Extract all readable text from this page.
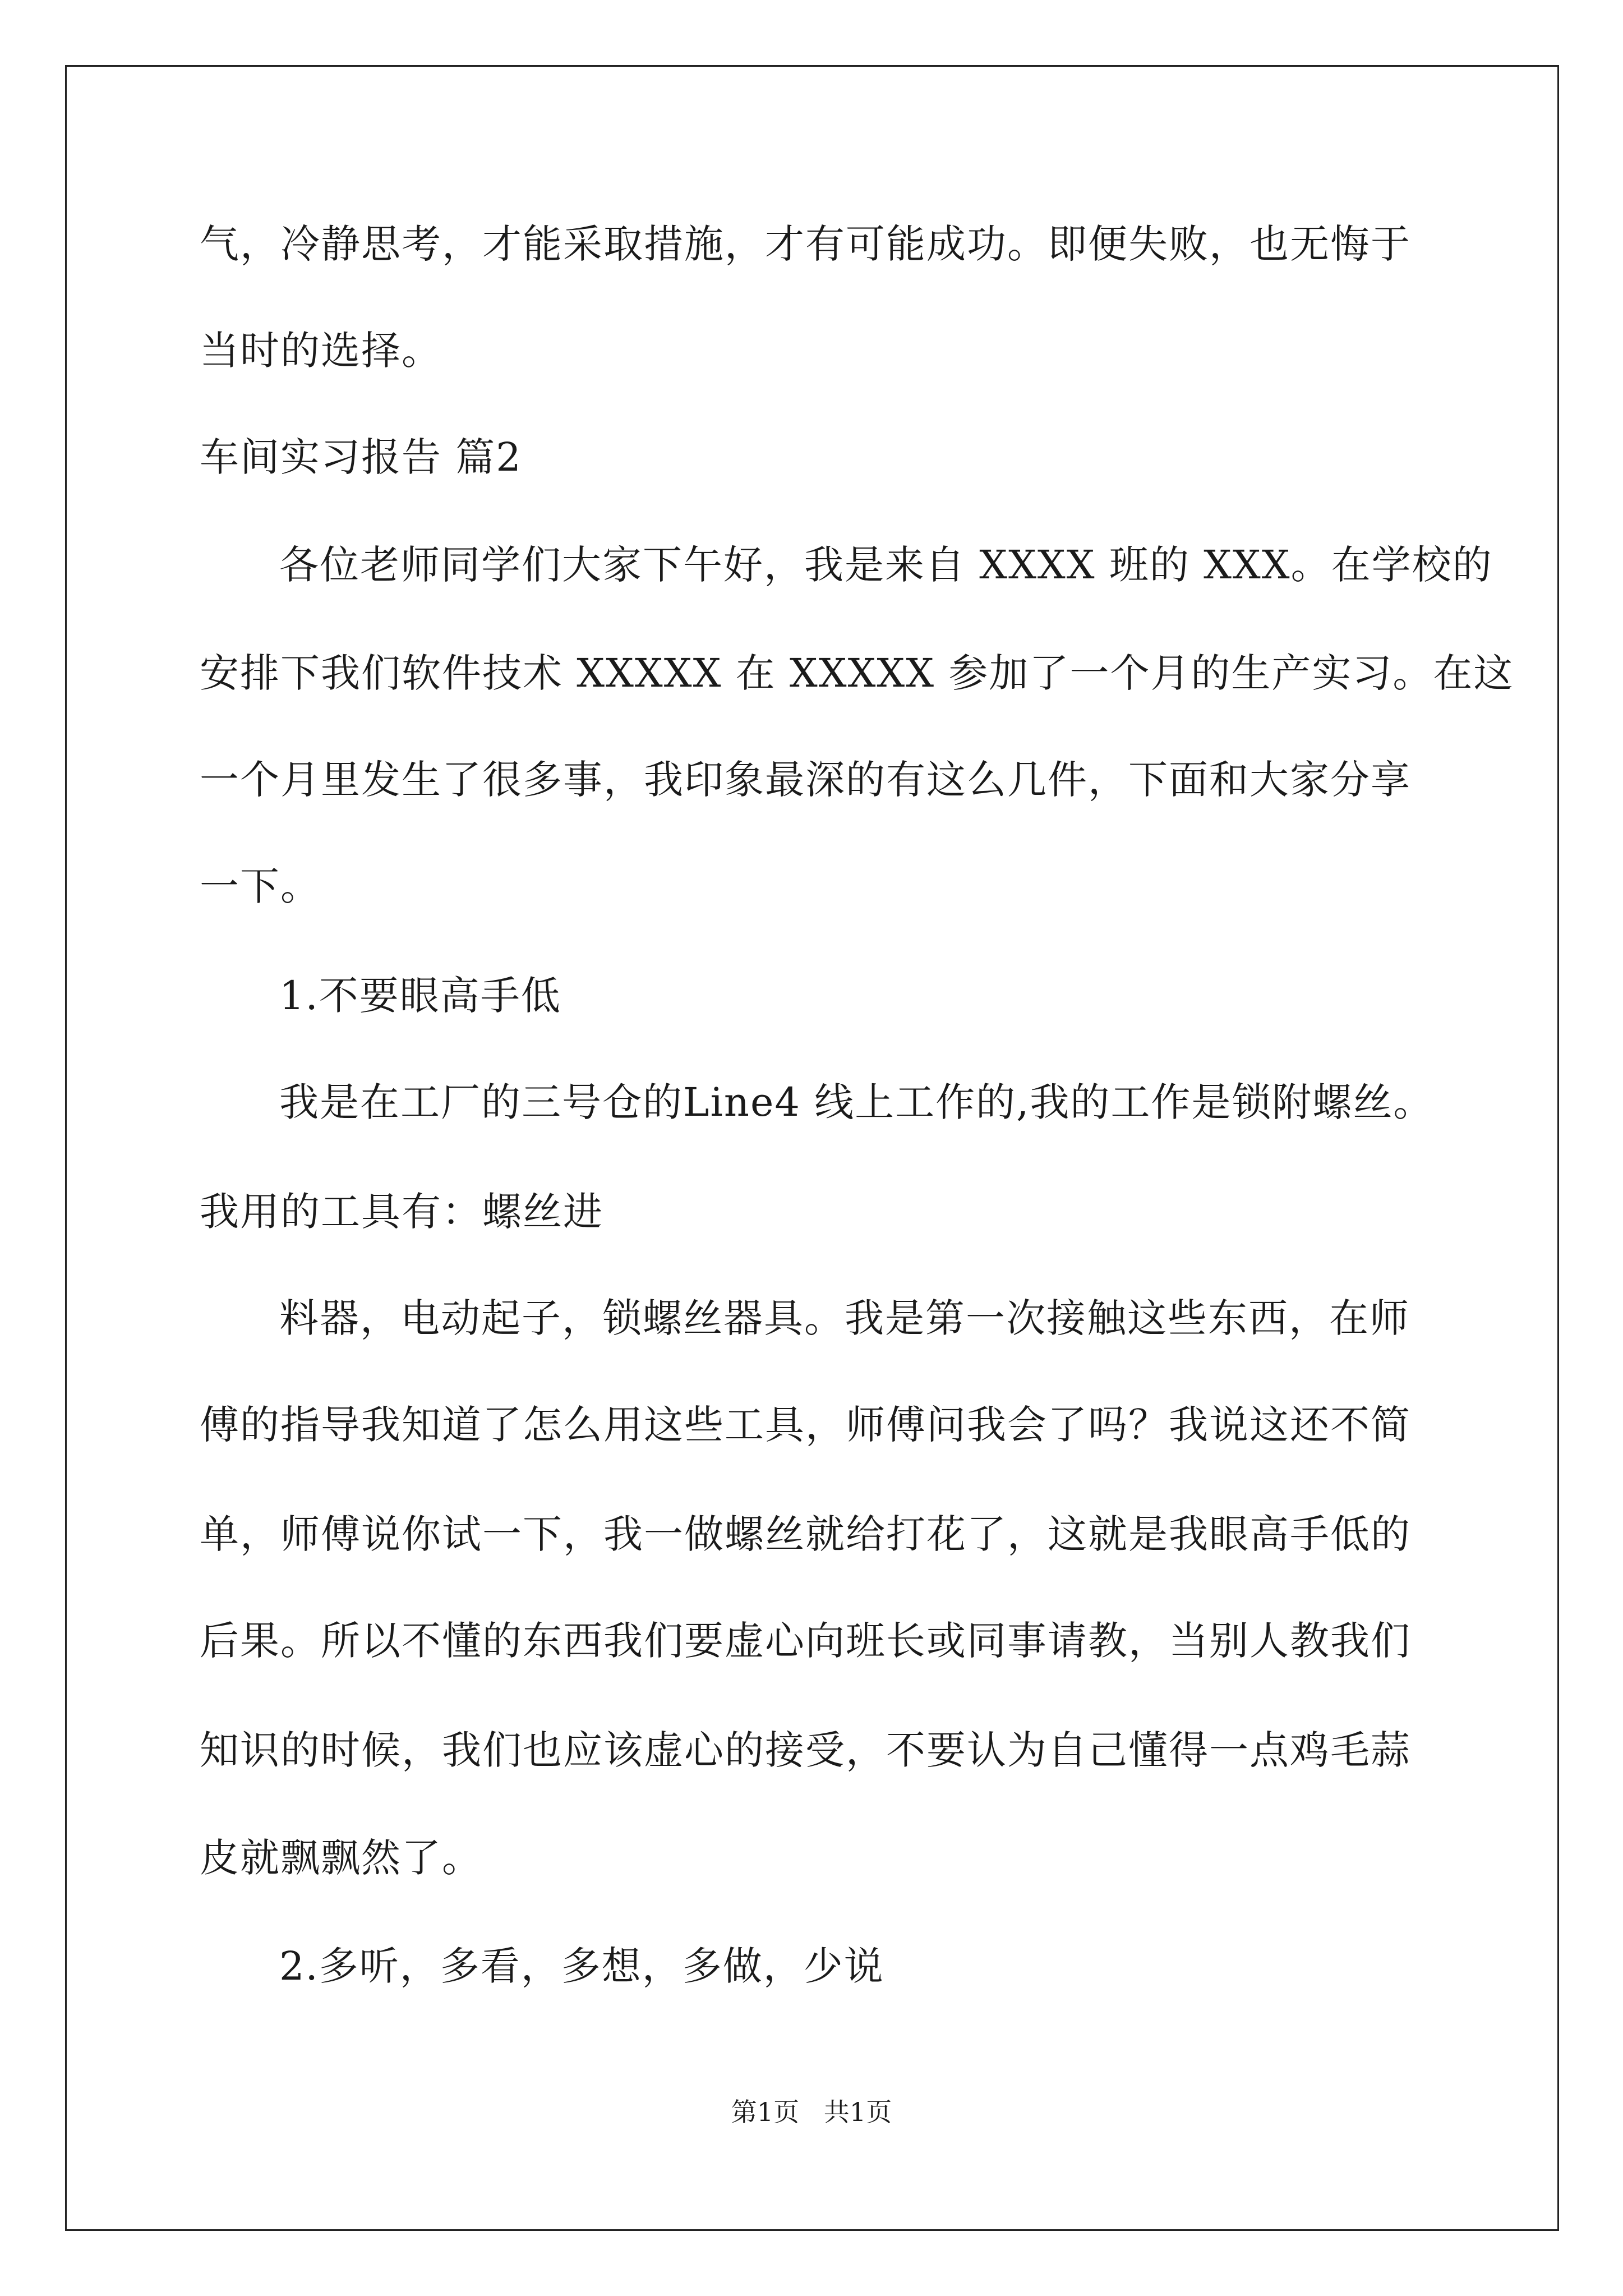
气，冷静思考，才能采取措施，才有可能成功。即便失败，也无悔于
当时的选择。
车间实习报告 篇2
各位老师同学们大家下午好，我是来自 XXXX 班的 XXX。在学校的
安排下我们软件技术 XXXXX 在 XXXXX 参加了一个月的生产实习。在这
一个月里发生了很多事，我印象最深的有这么几件，下面和大家分享
一下。
1.不要眼高手低
我是在工厂的三号仓的Line4 线上工作的,我的工作是锁附螺丝。
我用的工具有：螺丝进
料器，电动起子，锁螺丝器具。我是第一次接触这些东西，在师
傅的指导我知道了怎么用这些工具，师傅问我会了吗？我说这还不简
单，师傅说你试一下，我一做螺丝就给打花了，这就是我眼高手低的
后果。所以不懂的东西我们要虚心向班长或同事请教，当别人教我们
知识的时候，我们也应该虚心的接受，不要认为自己懂得一点鸡毛蒜
皮就飘飘然了。
2.多听，多看，多想，多做，少说
第1页   共1页
